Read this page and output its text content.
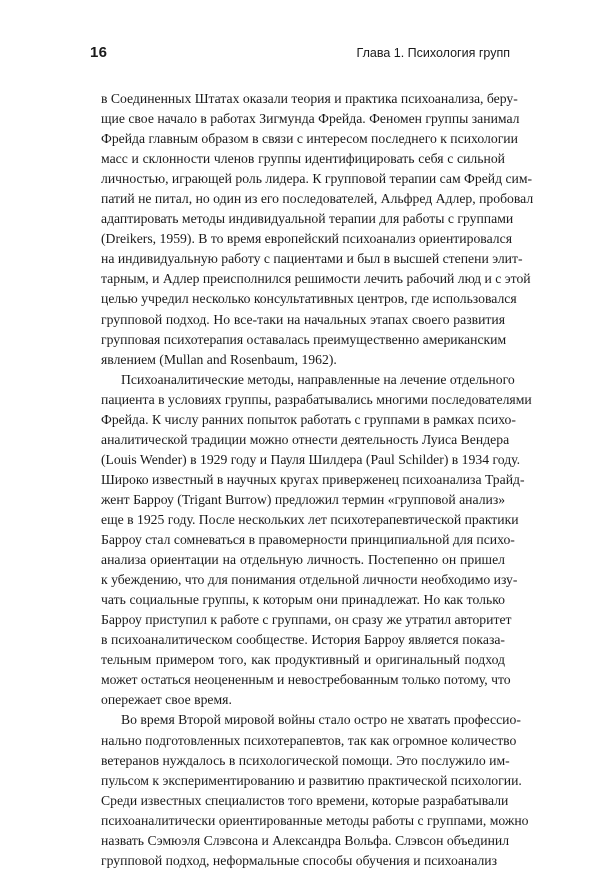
16	Глава 1. Психология групп

в Соединенных Штатах оказали теория и практика психоанализа, беру-
щие свое начало в работах Зигмунда Фрейда. Феномен группы занимал
Фрейда главным образом в связи с интересом последнего к психологии
масс и склонности членов группы идентифицировать себя с сильной
личностью, играющей роль лидера. К групповой терапии сам Фрейд сим-
патий не питал, но один из его последователей, Альфред Адлер, пробовал
адаптировать методы индивидуальной терапии для работы с группами
(Dreikers, 1959). В то время европейский психоанализ ориентировался
на индивидуальную работу с пациентами и был в высшей степени элит-
тарным, и Адлер преисполнился решимости лечить рабочий люд и с этой
целью учредил несколько консультативных центров, где использовался
групповой подход. Но все-таки на начальных этапах своего развития
групповая психотерапия оставалась преимущественно американским
явлением (Mullan and Rosenbaum, 1962).

Психоаналитические методы, направленные на лечение отдельного
пациента в условиях группы, разрабатывались многими последователями
Фрейда. К числу ранних попыток работать с группами в рамках психо-
аналитической традиции можно отнести деятельность Луиса Вендера
(Louis Wender) в 1929 году и Пауля Шилдера (Paul Schilder) в 1934 году.
Широко известный в научных кругах приверженец психоанализа Трайд-
жент Барроу (Trigant Burrow) предложил термин «групповой анализ»
еще в 1925 году. После нескольких лет психотерапевтической практики
Барроу стал сомневаться в правомерности принципиальной для психо-
анализа ориентации на отдельную личность. Постепенно он пришел
к убеждению, что для понимания отдельной личности необходимо изу-
чать социальные группы, к которым они принадлежат. Но как только
Барроу приступил к работе с группами, он сразу же утратил авторитет
в психоаналитическом сообществе. История Барроу является показа-
тельным примером того, как продуктивный и оригинальный подход
может остаться неоцененным и невостребованным только потому, что
опережает свое время.

Во время Второй мировой войны стало остро не хватать профессио-
нально подготовленных психотерапевтов, так как огромное количество
ветеранов нуждалось в психологической помощи. Это послужило им-
пульсом к экспериментированию и развитию практической психологии.
Среди известных специалистов того времени, которые разрабатывали
психоаналитически ориентированные методы работы с группами, можно
назвать Сэмюэля Слэвсона и Александра Вольфа. Слэвсон объединил
групповой подход, неформальные способы обучения и психоанализ
